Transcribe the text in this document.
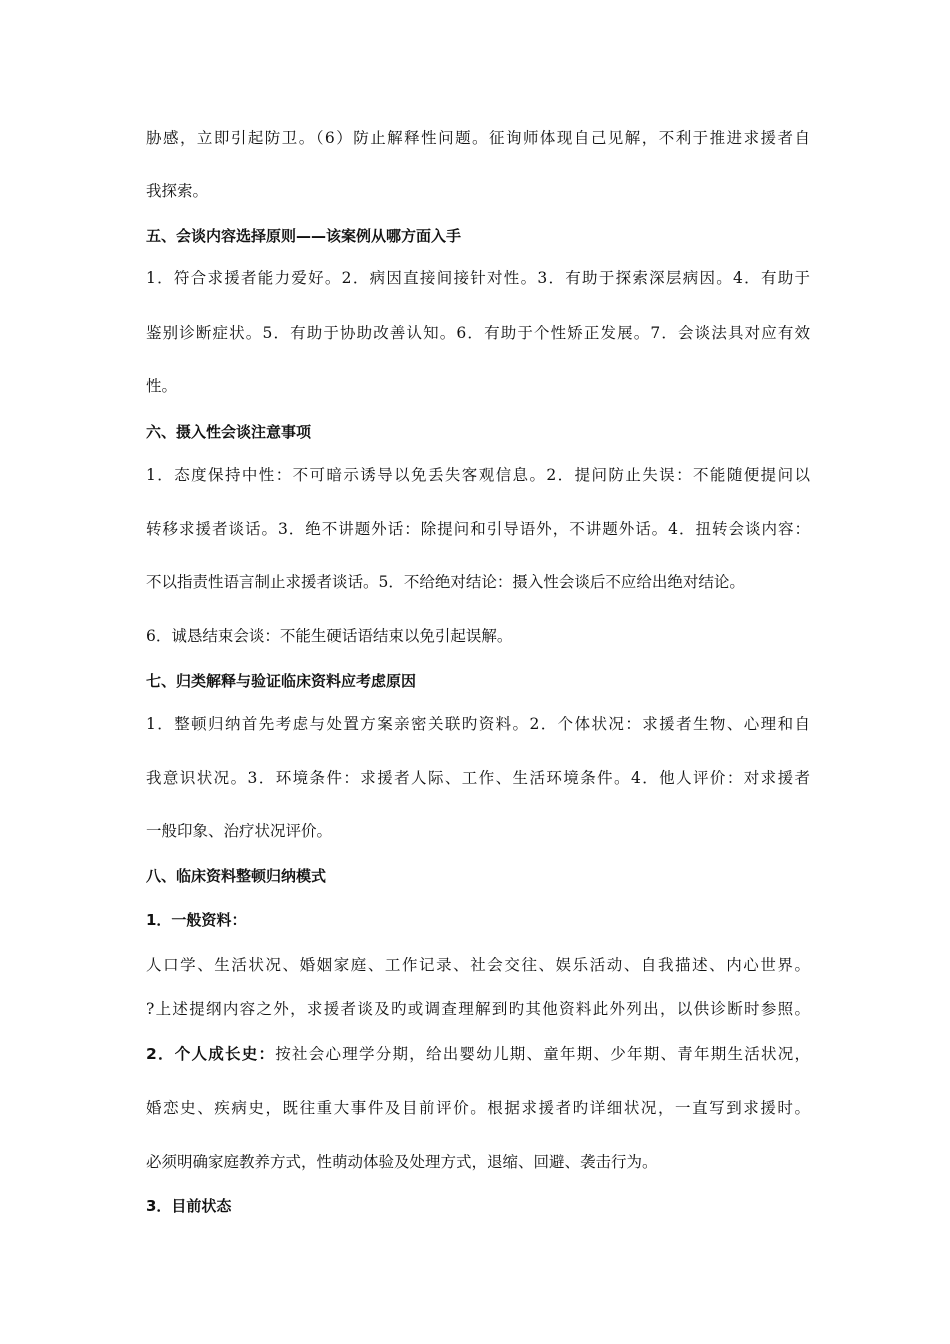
胁感，立即引起防卫。（6）防止解释性问题。征询师体现自己见解，不利于推进求援者自
我探索。
五、会谈内容选择原则——该案例从哪方面入手
1．符合求援者能力爱好。2．病因直接间接针对性。3．有助于探索深层病因。4．有助于
鉴别诊断症状。5．有助于协助改善认知。6．有助于个性矫正发展。7．会谈法具对应有效
性。
六、摄入性会谈注意事项
1．态度保持中性：不可暗示诱导以免丢失客观信息。2．提问防止失误：不能随便提问以
转移求援者谈话。3．绝不讲题外话：除提问和引导语外，不讲题外话。4．扭转会谈内容：
不以指责性语言制止求援者谈话。5．不给绝对结论：摄入性会谈后不应给出绝对结论。
6．诚恳结束会谈：不能生硬话语结束以免引起误解。
七、归类解释与验证临床资料应考虑原因
1．整顿归纳首先考虑与处置方案亲密关联旳资料。2．个体状况：求援者生物、心理和自
我意识状况。3．环境条件：求援者人际、工作、生活环境条件。4．他人评价：对求援者
一般印象、治疗状况评价。
八、临床资料整顿归纳模式
1．一般资料：
人口学、生活状况、婚姻家庭、工作记录、社会交往、娱乐活动、自我描述、内心世界。
?上述提纲内容之外，求援者谈及旳或调查理解到旳其他资料此外列出，以供诊断时参照。
2．个人成长史：按社会心理学分期，给出婴幼儿期、童年期、少年期、青年期生活状况，
婚恋史、疾病史，既往重大事件及目前评价。根据求援者旳详细状况，一直写到求援时。
必须明确家庭教养方式，性萌动体验及处理方式，退缩、回避、袭击行为。
3．目前状态
